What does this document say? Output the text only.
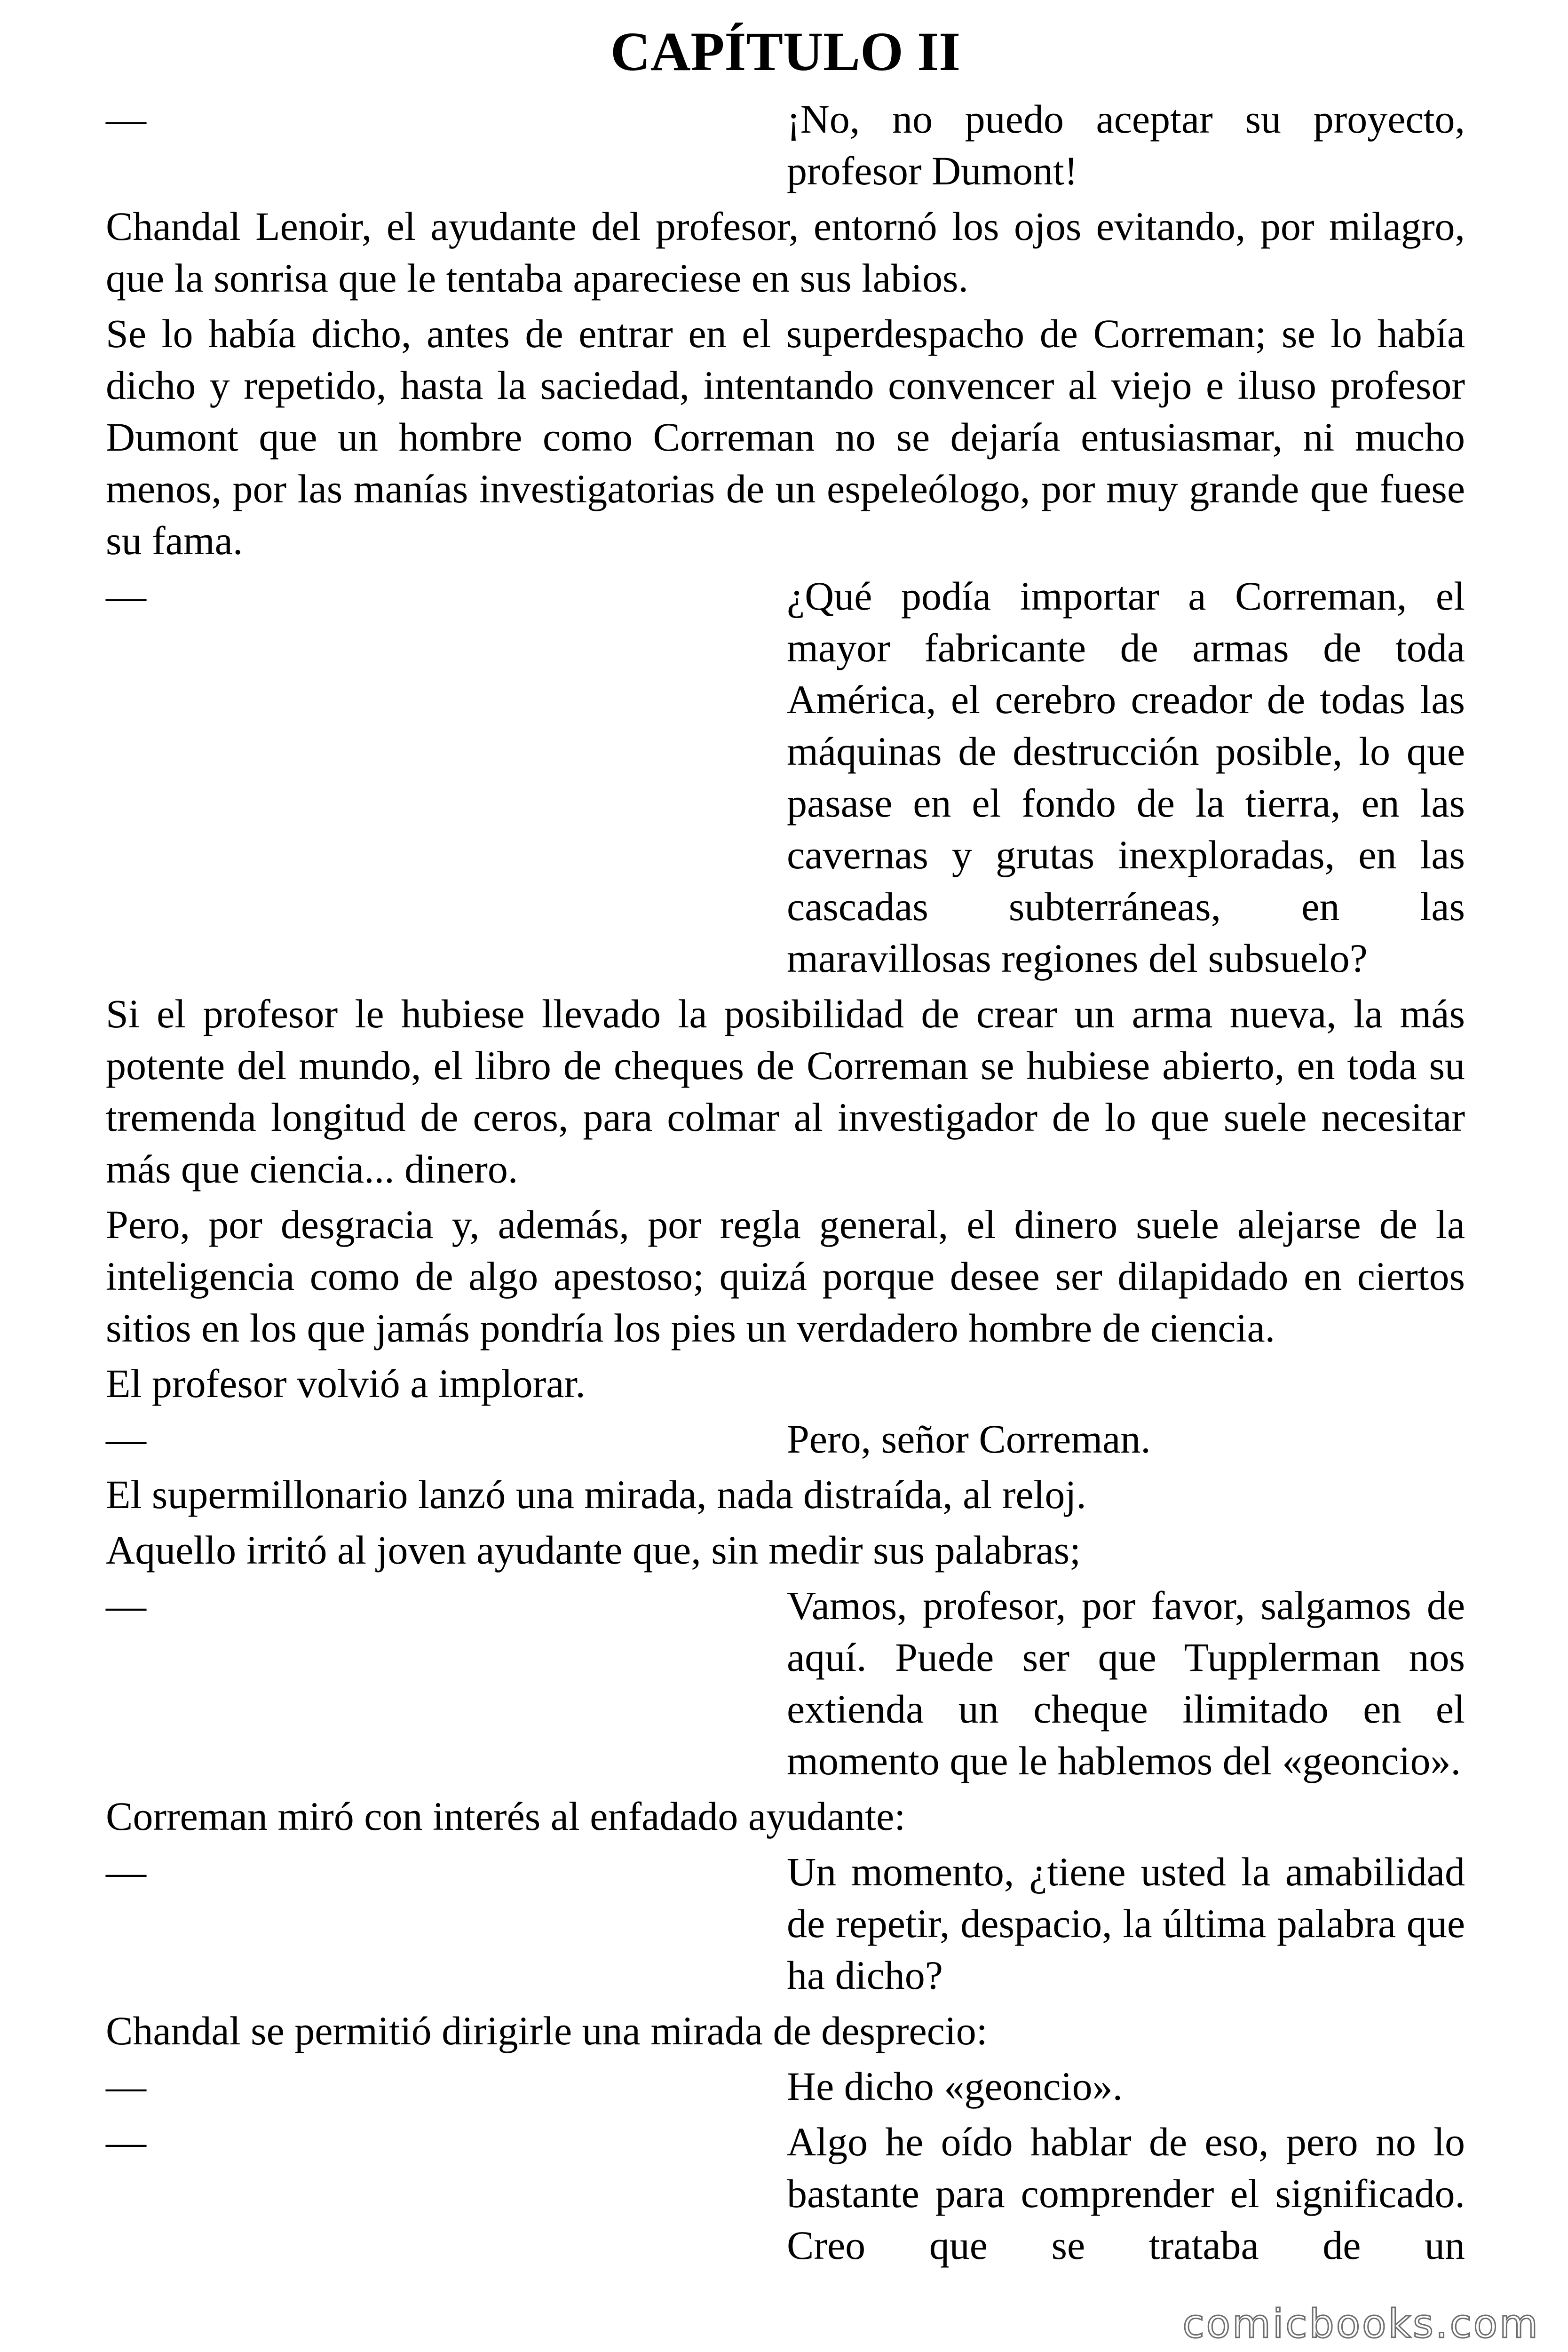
CAPÍTULO II
—	¡No, no puedo aceptar su proyecto, profesor Dumont!
Chandal Lenoir, el ayudante del profesor, entornó los ojos evitando, por milagro, que la sonrisa que le tentaba apareciese en sus labios.
Se lo había dicho, antes de entrar en el superdespacho de Correman; se lo había dicho y repetido, hasta la saciedad, intentando convencer al viejo e iluso profesor Dumont que un hombre como Correman no se dejaría entusiasmar, ni mucho menos, por las manías investigatorias de un espeleólogo, por muy grande que fuese su fama.
—	¿Qué podía importar a Correman, el mayor fabricante de armas de toda América, el cerebro creador de todas las máquinas de destrucción posible, lo que pasase en el fondo de la tierra, en las cavernas y grutas inexploradas, en las cascadas subterráneas, en las maravillosas regiones del subsuelo?
Si el profesor le hubiese llevado la posibilidad de crear un arma nueva, la más potente del mundo, el libro de cheques de Correman se hubiese abierto, en toda su tremenda longitud de ceros, para colmar al investigador de lo que suele necesitar más que ciencia... dinero.
Pero, por desgracia y, además, por regla general, el dinero suele alejarse de la inteligencia como de algo apestoso; quizá porque desee ser dilapidado en ciertos sitios en los que jamás pondría los pies un verdadero hombre de ciencia.
El profesor volvió a implorar.
—	Pero, señor Correman.
El supermillonario lanzó una mirada, nada distraída, al reloj.
Aquello irritó al joven ayudante que, sin medir sus palabras;
—	Vamos, profesor, por favor, salgamos de aquí. Puede ser que Tupplerman nos extienda un cheque ilimitado en el momento que le hablemos del «geoncio».
Correman miró con interés al enfadado ayudante:
—	Un momento, ¿tiene usted la amabilidad de repetir, despacio, la última palabra que ha dicho?
Chandal se permitió dirigirle una mirada de desprecio:
—	He dicho «geoncio».
—	Algo he oído hablar de eso, pero no lo bastante para comprender el significado. Creo que se trataba de un
comicbooks.com
